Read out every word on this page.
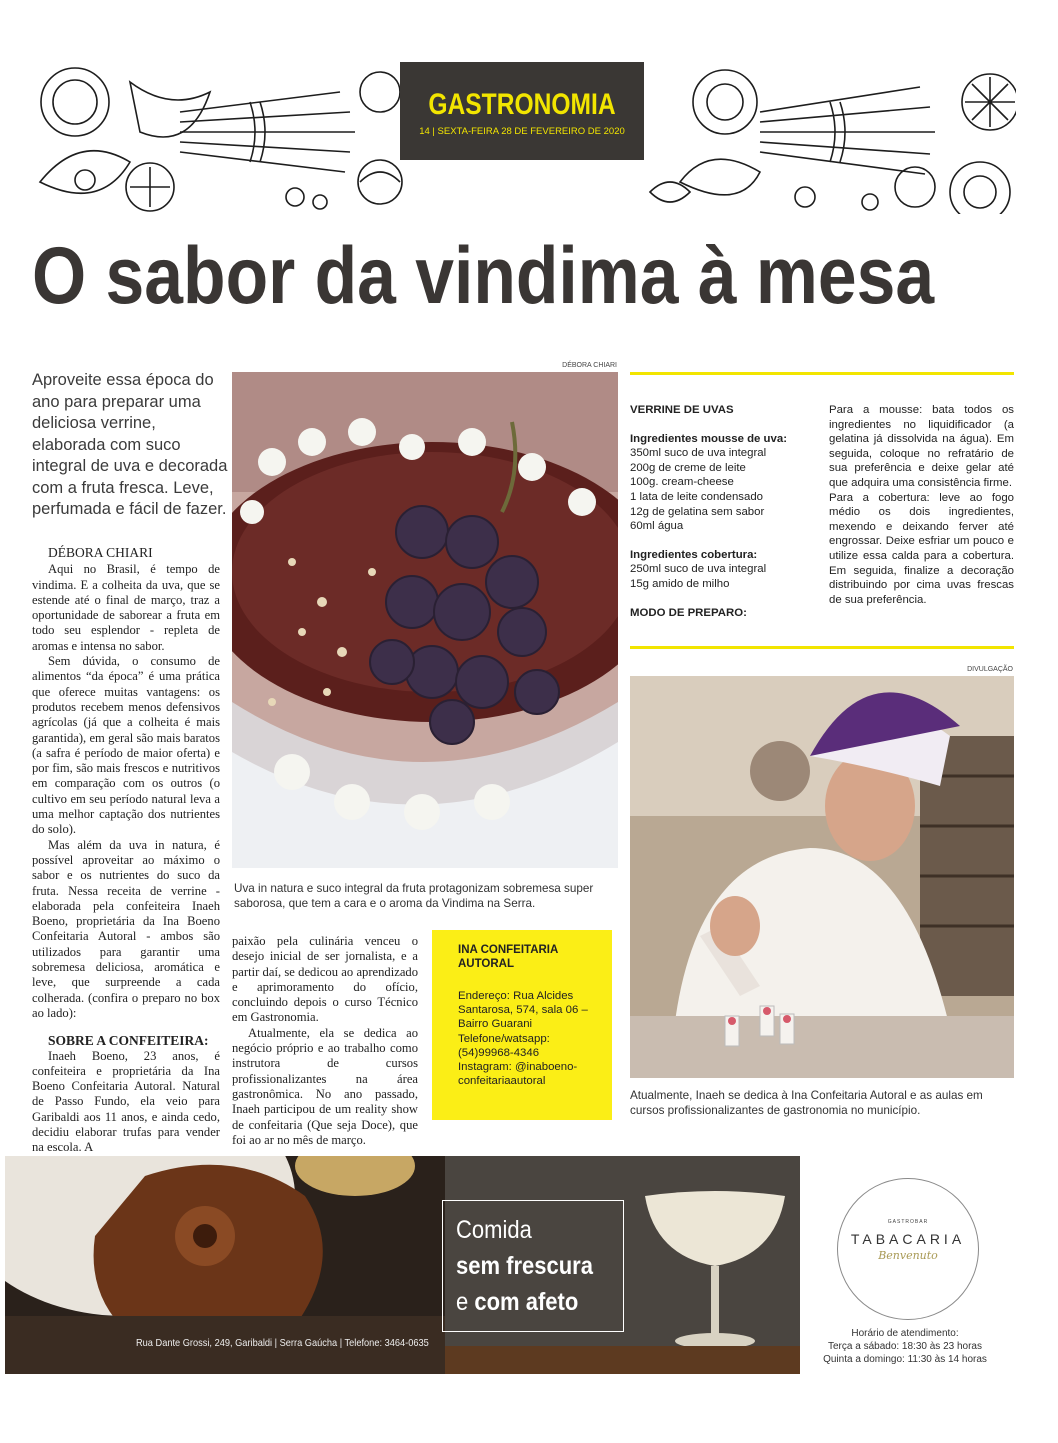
GASTRONOMIA
14 | SEXTA-FEIRA 28 DE FEVEREIRO DE 2020
O sabor da vindima à mesa
Aproveite essa época do ano para preparar uma deliciosa verrine, elaborada com suco integral de uva e decorada com a fruta fresca. Leve, perfumada e fácil de fazer.

DÉBORA CHIARI

Aqui no Brasil, é tempo de vindima. E a colheita da uva, que se estende até o final de março, traz a oportunidade de saborear a fruta em todo seu esplendor - repleta de aromas e intensa no sabor.

Sem dúvida, o consumo de alimentos “da época” é uma prática que oferece muitas vantagens: os produtos recebem menos defensivos agrícolas (já que a colheita é mais garantida), em geral são mais baratos (a safra é período de maior oferta) e por fim, são mais frescos e nutritivos em comparação com os outros (o cultivo em seu período natural leva a uma melhor captação dos nutrientes do solo).

Mas além da uva in natura, é possível aproveitar ao máximo o sabor e os nutrientes do suco da fruta. Nessa receita de verrine - elaborada pela confeiteira Inaeh Boeno, proprietária da Ina Boeno Confeitaria Autoral - ambos são utilizados para garantir uma sobremesa deliciosa, aromática e leve, que surpreende a cada colherada. (confira o preparo no box ao lado):

SOBRE A CONFEITEIRA:

Inaeh Boeno, 23 anos, é confeiteira e proprietária da Ina Boeno Confeitaria Autoral. Natural de Passo Fundo, ela veio para Garibaldi aos 11 anos, e ainda cedo, decidiu elaborar trufas para vender na escola. A

paixão pela culinária venceu o desejo inicial de ser jornalista, e a partir daí, se dedicou ao aprendizado e aprimoramento do ofício, concluindo depois o curso Técnico em Gastronomia.

Atualmente, ela se dedica ao negócio próprio e ao trabalho como instrutora de cursos profissionalizantes na área gastronômica. No ano passado, Inaeh participou de um reality show de confeitaria (Que seja Doce), que foi ao ar no mês de março.

DÉBORA CHIARI
Uva in natura e suco integral da fruta protagonizam sobremesa super saborosa, que tem a cara e o aroma da Vindima na Serra.
VERRINE DE UVAS
Ingredientes mousse de uva:
350ml suco de uva integral
200g de creme de leite
100g. cream-cheese
1 lata de leite condensado
12g de gelatina sem sabor
60ml água
Ingredientes cobertura:
250ml suco de uva integral
15g amido de milho
MODO DE PREPARO:

Para a mousse: bata todos os ingredientes no liquidificador (a gelatina já dissolvida na água). Em seguida, coloque no refratário de sua preferência e deixe gelar até que adquira uma consistência firme.

Para a cobertura: leve ao fogo médio os dois ingredientes, mexendo e deixando ferver até engrossar. Deixe esfriar um pouco e utilize essa calda para a cobertura. Em seguida, finalize a decoração distribuindo por cima uvas frescas de sua preferência.

DIVULGAÇÃO
Atualmente, Inaeh se dedica à Ina Confeitaria Autoral e as aulas em cursos profissionalizantes de gastronomia no município.
INA CONFEITARIA AUTORAL
Endereço: Rua Alcides Santarosa, 574, sala 06 – Bairro Guarani
Telefone/watsapp: (54)99968-4346
Instagram: @inaboeno-confeitariaautoral
Comida
sem frescura
e com afeto
Rua Dante Grossi, 249, Garibaldi | Serra Gaúcha | Telefone: 3464-0635
GASTROBAR
TABACARIA
Benvenuto
Horário de atendimento:
Terça a sábado: 18:30 às 23 horas
Quinta a domingo: 11:30 às 14 horas
